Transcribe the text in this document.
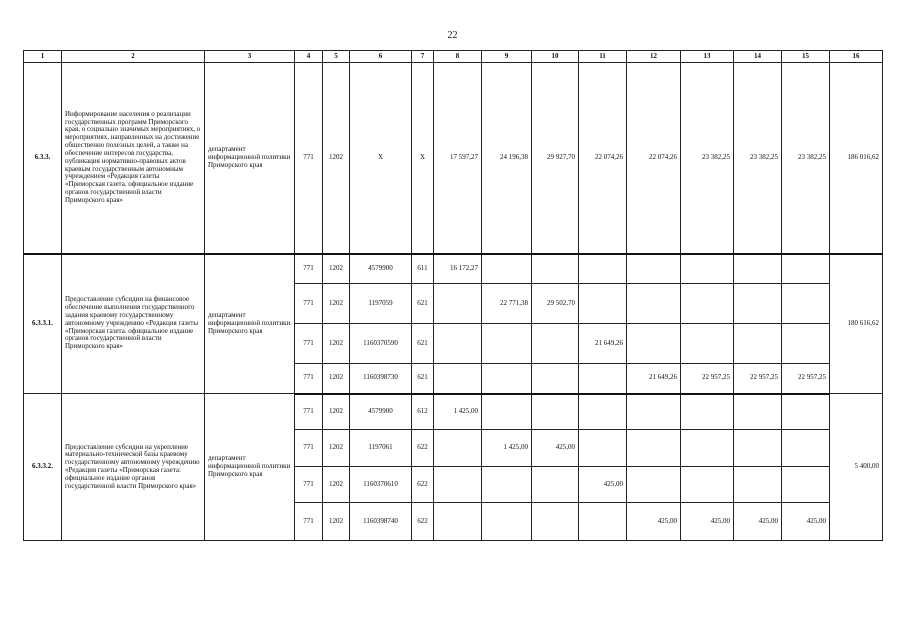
22
1	2	3	4	5	6	7	8	9	10	11	12	13	14	15	16
6.3.3.	Информирование населения о реализации государственных программ Приморского края, о социально значимых мероприятиях, о мероприятиях, направленных на достижение общественно полезных целей, а также на обеспечение интересов государства, публикация нормативно-правовых актов краевым государственным автономным учреждением «Редакция газеты «Приморская газета. официальное издание органов государственной власти Приморского края»	департамент информационной политики Приморского края	771	1202	X	X	17 597,27	24 196,38	29 927,70	22 074,26	22 074,26	23 382,25	23 382,25	23 382,25	186 016,62
6.3.3.1.	Предоставление субсидии на финансовое обеспечение выполнения государственного задания краевому государственному автономному учреждению «Редакция газеты «Приморская газета. официальное издание органов государственной власти Приморского края»	департамент информационной политики Приморского края	771	1202	4579900	611	16 172,27								180 616,62
			771	1202	1197059	621		22 771,38	29 502,70						
			771	1202	1160370590	621				21 649,26					
			771	1202	1160398730	621					21 649,26	22 957,25	22 957,25	22 957,25	
6.3.3.2.	Предоставление субсидии на укрепление материально-технической базы краевому государственному автономному учреждению «Редакция газеты «Приморская газета: официальное издание органов государственной власти Приморского края»	департамент информационной политики Приморского края	771	1202	4579900	612	1 425,00								5 400,00
			771	1202	1197061	622		1 425,00	425,00						
			771	1202	1160370610	622				425,00					
			771	1202	1160398740	622					425,00	425,00	425,00	425,00	
